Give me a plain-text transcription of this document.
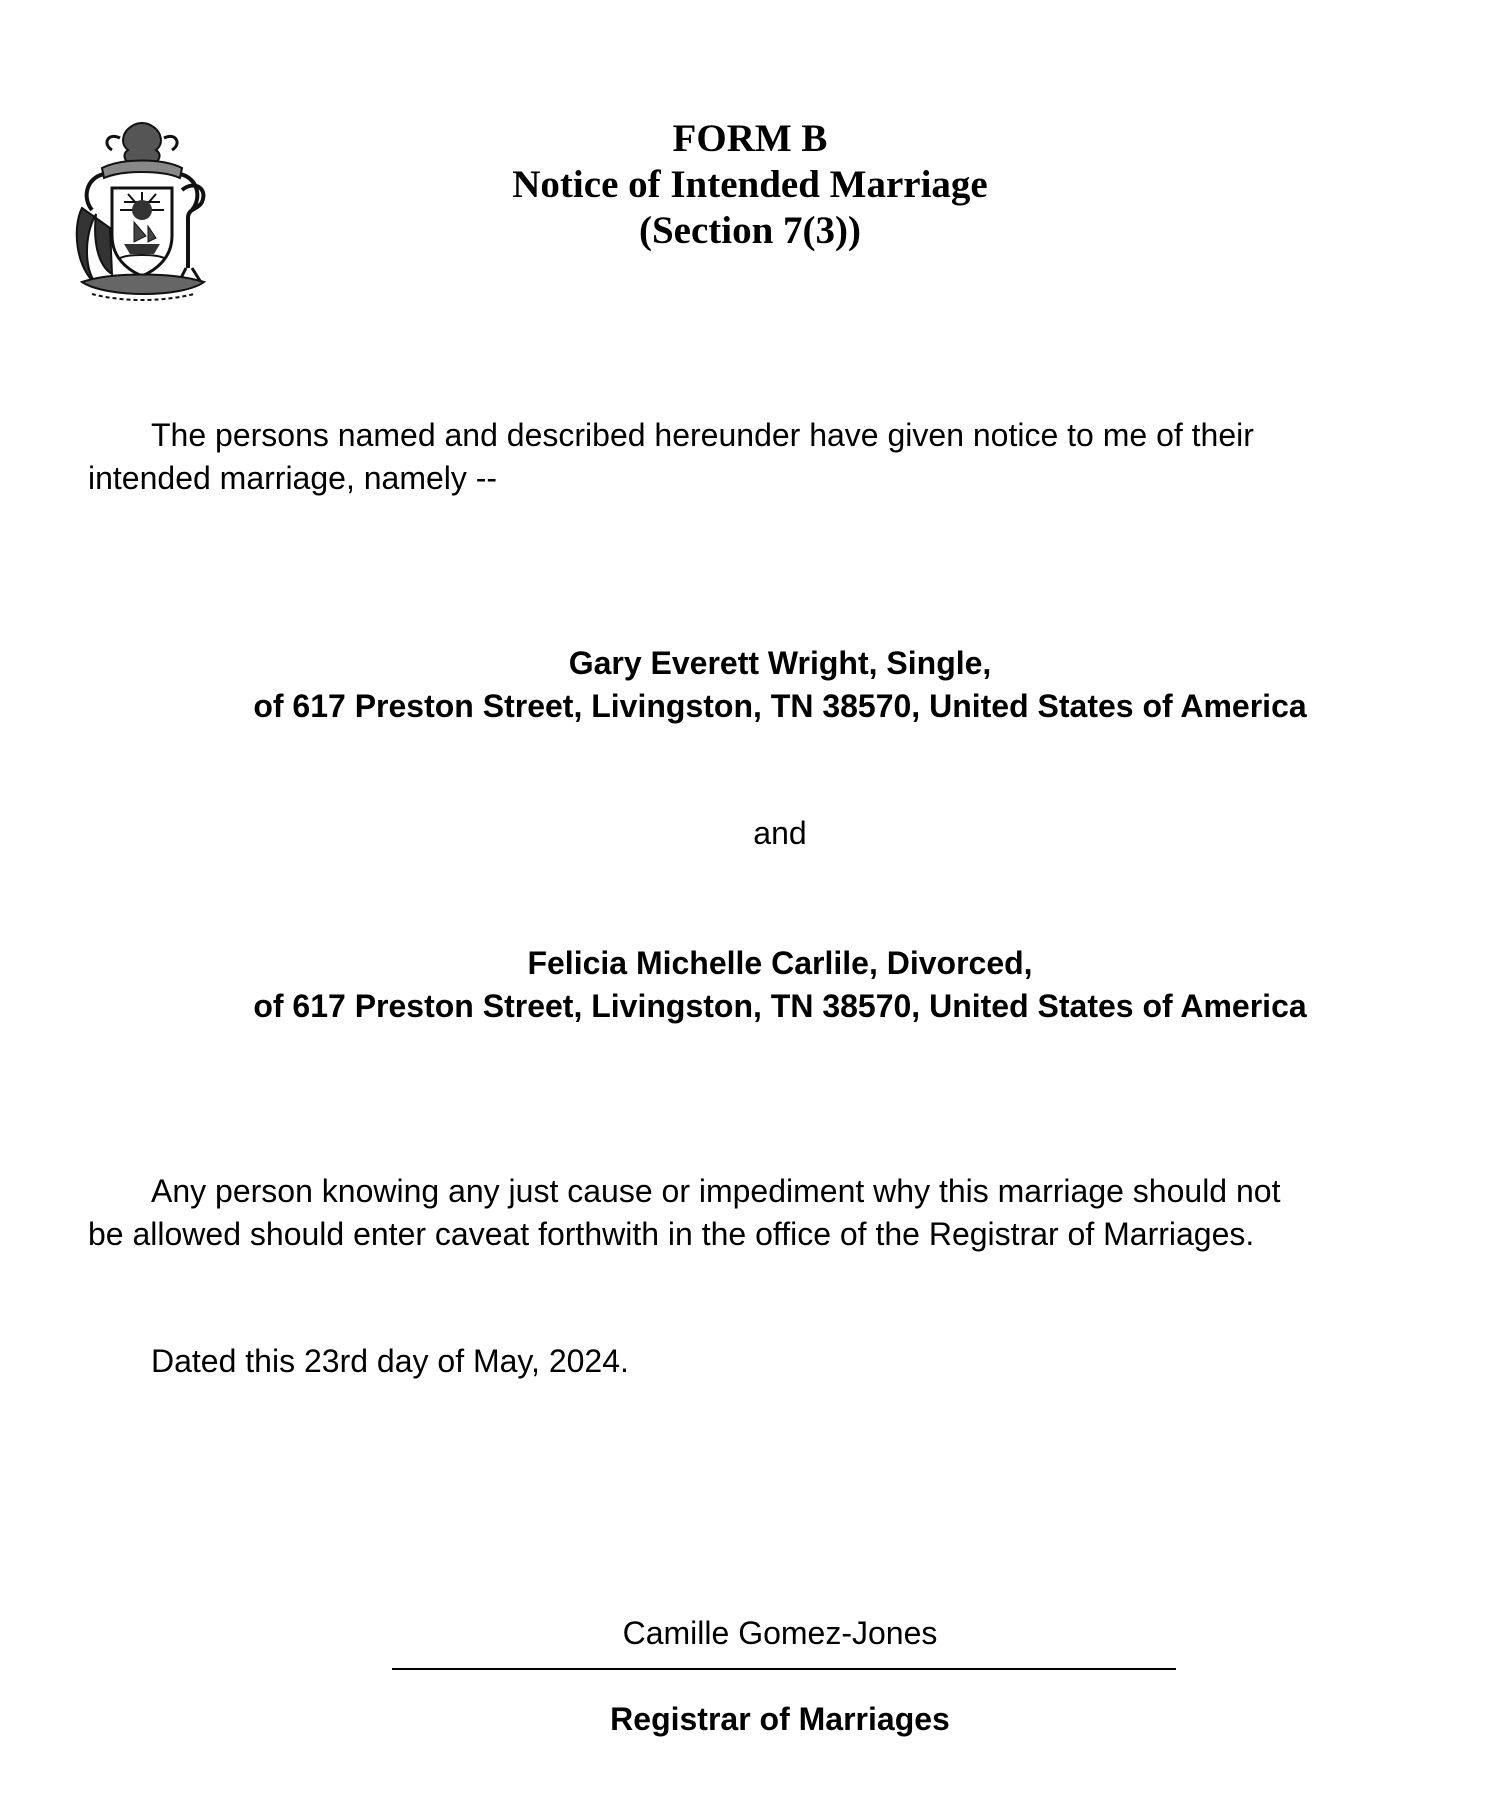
FORM B
Notice of Intended Marriage
(Section 7(3))
The persons named and described hereunder have given notice to me of their
intended marriage, namely --
Gary Everett Wright, Single,
of 617 Preston Street, Livingston, TN 38570, United States of America
and
Felicia Michelle Carlile, Divorced,
of 617 Preston Street, Livingston, TN 38570, United States of America
Any person knowing any just cause or impediment why this marriage should not
be allowed should enter caveat forthwith in the office of the Registrar of Marriages.
Dated this 23rd day of May, 2024.
Camille Gomez-Jones
Registrar of Marriages
